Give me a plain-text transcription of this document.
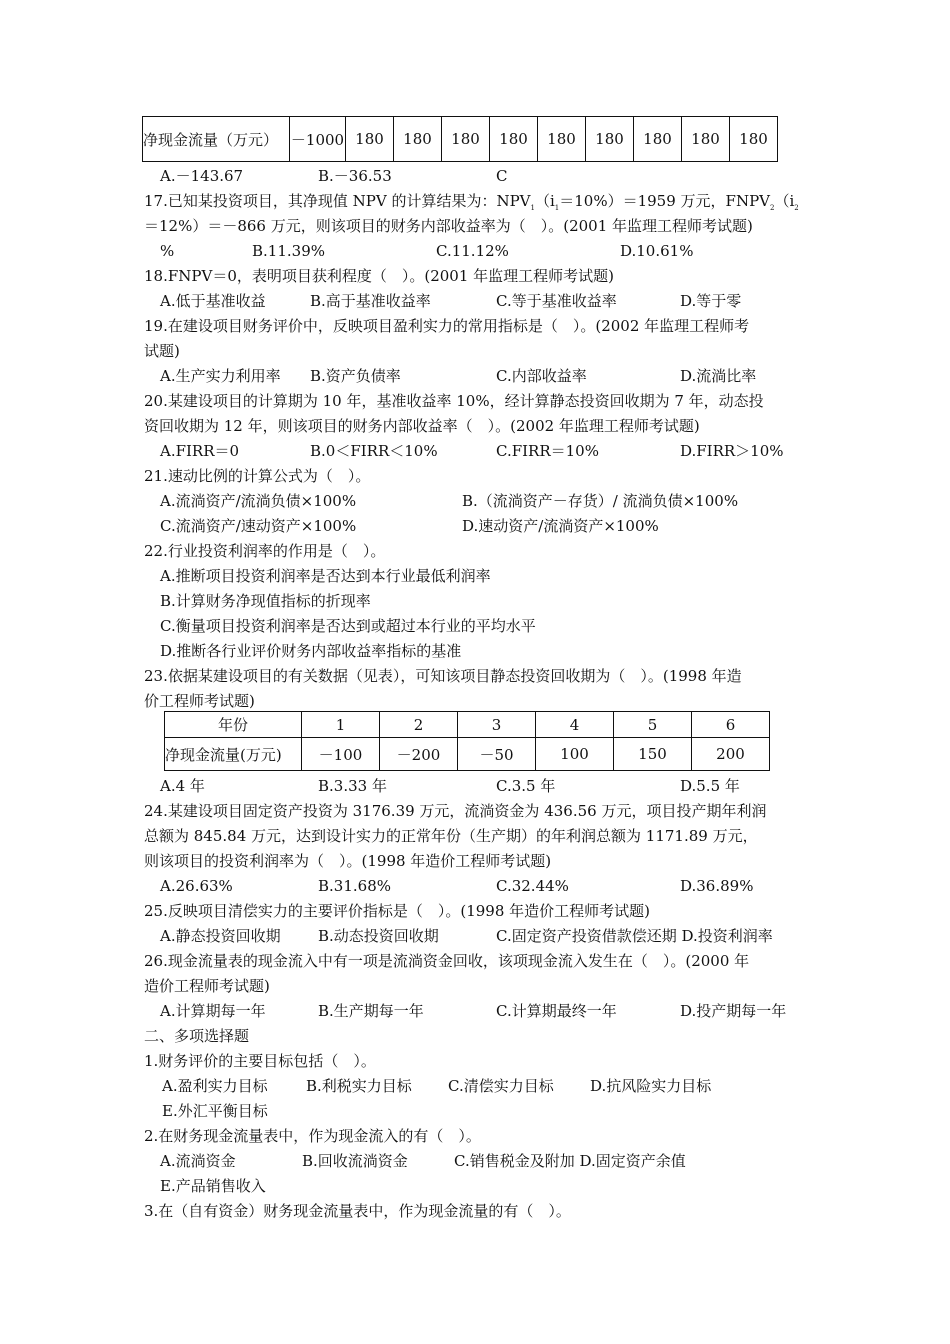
净现金流量（万元）	－1000	180	180	180	180	180	180	180	180	180
A.－143.67	B.－36.53	C
17.已知某投资项目，其净现值 NPV 的计算结果为：$NPV_1(i_1=10\%)=1959$ 万元，$FNPV_2(i_2$
＝12%）＝－866 万元，则该项目的财务内部收益率为（　）。(2001 年监理工程师考试题)
%	B.11.39%	C.11.12%	D.10.61%
18.FNPV＝0，表明项目获利程度（　）。(2001 年监理工程师考试题)
A.低于基准收益	B.高于基准收益率	C.等于基准收益率	D.等于零
19.在建设项目财务评价中，反映项目盈利实力的常用指标是（　）。(2002 年监理工程师考
试题)
A.生产实力利用率 B.资产负债率	C.内部收益率	D.流淌比率
20.某建设项目的计算期为 10 年，基准收益率 10%，经计算静态投资回收期为 7 年，动态投
资回收期为 12 年，则该项目的财务内部收益率（　）。(2002 年监理工程师考试题)
A.FIRR＝0	B.0＜FIRR＜10%	C.FIRR＝10%	D.FIRR＞10%
21.速动比例的计算公式为（　）。
A.流淌资产/流淌负债×100%	B.（流淌资产－存货）/ 流淌负债×100%
C.流淌资产/速动资产×100%	D.速动资产/流淌资产×100%
22.行业投资利润率的作用是（　）。
A.推断项目投资利润率是否达到本行业最低利润率
B.计算财务净现值指标的折现率
C.衡量项目投资利润率是否达到或超过本行业的平均水平
D.推断各行业评价财务内部收益率指标的基准
23.依据某建设项目的有关数据（见表），可知该项目静态投资回收期为（　）。(1998 年造
价工程师考试题)
年份	1	2	3	4	5	6
净现金流量(万元)	－100	－200	－50	100	150	200
A.4 年	B.3.33 年	C.3.5 年	D.5.5 年
24.某建设项目固定资产投资为 3176.39 万元，流淌资金为 436.56 万元，项目投产期年利润
总额为 845.84 万元，达到设计实力的正常年份（生产期）的年利润总额为 1171.89 万元，
则该项目的投资利润率为（　）。(1998 年造价工程师考试题)
A.26.63%	B.31.68%	C.32.44%	D.36.89%
25.反映项目清偿实力的主要评价指标是（　）。(1998 年造价工程师考试题)
A.静态投资回收期 B.动态投资回收期	C.固定资产投资借款偿还期 D.投资利润率
26.现金流量表的现金流入中有一项是流淌资金回收，该项现金流入发生在（　）。(2000 年
造价工程师考试题)
A.计算期每一年	B.生产期每一年	C.计算期最终一年	D.投产期每一年
二、多项选择题
1.财务评价的主要目标包括（　）。
A.盈利实力目标	B.利税实力目标 C.清偿实力目标 D.抗风险实力目标
E.外汇平衡目标
2.在财务现金流量表中，作为现金流入的有（　）。
A.流淌资金	B.回收流淌资金	C.销售税金及附加 D.固定资产余值
E.产品销售收入
3.在（自有资金）财务现金流量表中，作为现金流量的有（　）。
